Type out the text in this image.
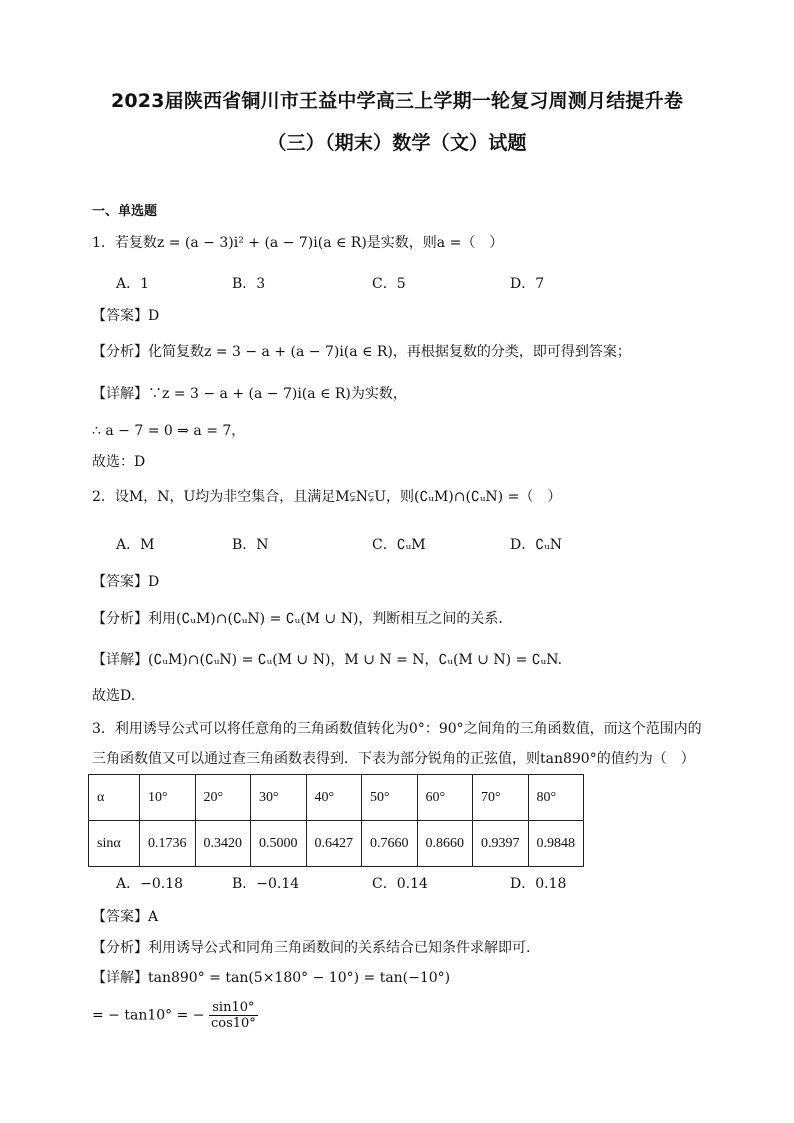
2023届陕西省铜川市王益中学高三上学期一轮复习周测月结提升卷
（三）（期末）数学（文）试题
一、单选题
1．若复数z = (a − 3)i² + (a − 7)i(a ∈ R)是实数，则a =（　）
A．1	B．3	C．5	D．7
【答案】D
【分析】化简复数z = 3 − a + (a − 7)i(a ∈ R)，再根据复数的分类，即可得到答案；
【详解】∵z = 3 − a + (a − 7)i(a ∈ R)为实数，
∴ a − 7 = 0 ⇒ a = 7，
故选：D
2．设M，N，U均为非空集合，且满足M⫋N⫋U，则(∁ᵤM)∩(∁ᵤN) =（　）
A．M	B．N	C．∁ᵤM	D．∁ᵤN
【答案】D
【分析】利用(∁ᵤM)∩(∁ᵤN) = ∁ᵤ(M ∪ N)，判断相互之间的关系.
【详解】(∁ᵤM)∩(∁ᵤN) = ∁ᵤ(M ∪ N)，M ∪ N = N，∁ᵤ(M ∪ N) = ∁ᵤN.
故选D.
3．利用诱导公式可以将任意角的三角函数值转化为0°：90°之间角的三角函数值，而这个范围内的
三角函数值又可以通过查三角函数表得到．下表为部分锐角的正弦值，则tan890°的值约为（　）
α	10°	20°	30°	40°	50°	60°	70°	80°
sinα	0.1736	0.3420	0.5000	0.6427	0.7660	0.8660	0.9397	0.9848
A．−0.18	B．−0.14	C．0.14	D．0.18
【答案】A
【分析】利用诱导公式和同角三角函数间的关系结合已知条件求解即可.
【详解】tan890° = tan(5×180° − 10°) = tan(−10°)
= − tan10° = − $\frac{\sin 10^\circ}{\cos 10^\circ}$
